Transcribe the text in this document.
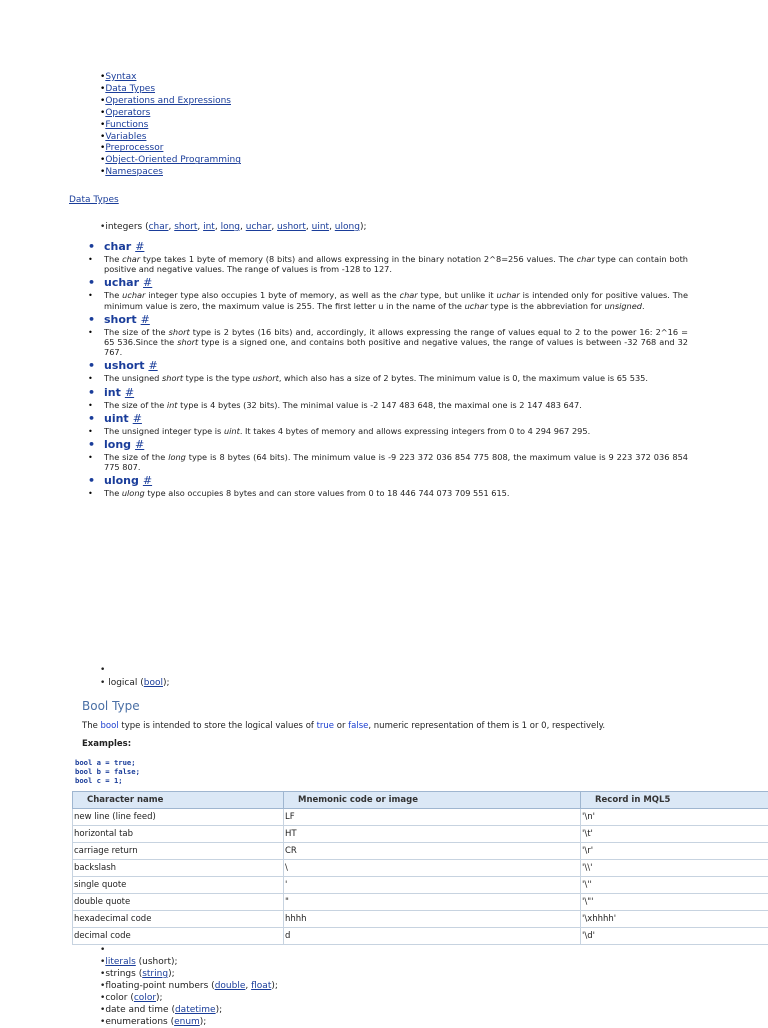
• Syntax
• Data Types
• Operations and Expressions
• Operators
• Functions
• Variables
• Preprocessor
• Object-Oriented Programming
• Namespaces
Data Types
• integers (char, short, int, long, uchar, ushort, uint, ulong);
• char #
• The char type takes 1 byte of memory (8 bits) and allows expressing in the binary notation 2^8=256 values. The char type can contain both positive and negative values. The range of values is from -128 to 127.
• uchar #
• The uchar integer type also occupies 1 byte of memory, as well as the char type, but unlike it uchar is intended only for positive values. The minimum value is zero, the maximum value is 255. The first letter u in the name of the uchar type is the abbreviation for unsigned.
• short #
• The size of the short type is 2 bytes (16 bits) and, accordingly, it allows expressing the range of values equal to 2 to the power 16: 2^16 = 65 536.Since the short type is a signed one, and contains both positive and negative values, the range of values is between -32 768 and 32 767.
• ushort #
• The unsigned short type is the type ushort, which also has a size of 2 bytes. The minimum value is 0, the maximum value is 65 535.
• int #
• The size of the int type is 4 bytes (32 bits). The minimal value is -2 147 483 648, the maximal one is 2 147 483 647.
• uint #
• The unsigned integer type is uint. It takes 4 bytes of memory and allows expressing integers from 0 to 4 294 967 295.
• long #
• The size of the long type is 8 bytes (64 bits). The minimum value is -9 223 372 036 854 775 808, the maximum value is 9 223 372 036 854 775 807.
• ulong #
• The ulong type also occupies 8 bytes and can store values from 0 to 18 446 744 073 709 551 615.
•
• logical (bool);
Bool Type
The bool type is intended to store the logical values of true or false, numeric representation of them is 1 or 0, respectively.
Examples:
bool a = true;
bool b = false;
bool c = 1;
Character name	Mnemonic code or image	Record in MQL5
new line (line feed)	LF	'\n'
horizontal tab	HT	'\t'
carriage return	CR	'\r'
backslash	\	'\\'
single quote	'	'\''
double quote	"	'\"'
hexadecimal code	hhhh	'\xhhhh'
decimal code	d	'\d'
•
• literals (ushort);
• strings (string);
• floating-point numbers (double, float);
• color (color);
• date and time (datetime);
• enumerations (enum);
